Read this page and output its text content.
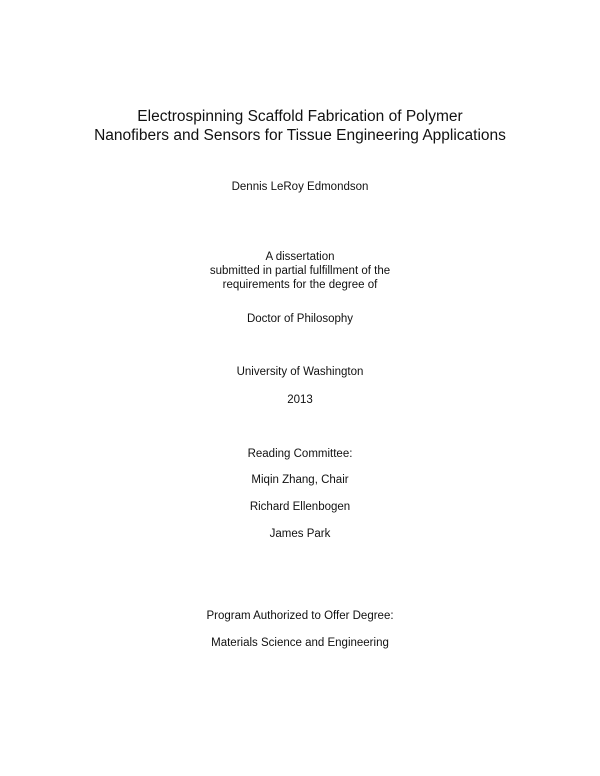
Electrospinning Scaffold Fabrication of Polymer
Nanofibers and Sensors for Tissue Engineering Applications
Dennis LeRoy Edmondson
A dissertation
submitted in partial fulfillment of the
requirements for the degree of
Doctor of Philosophy
University of Washington
2013
Reading Committee:
Miqin Zhang, Chair
Richard Ellenbogen
James Park
Program Authorized to Offer Degree:
Materials Science and Engineering
